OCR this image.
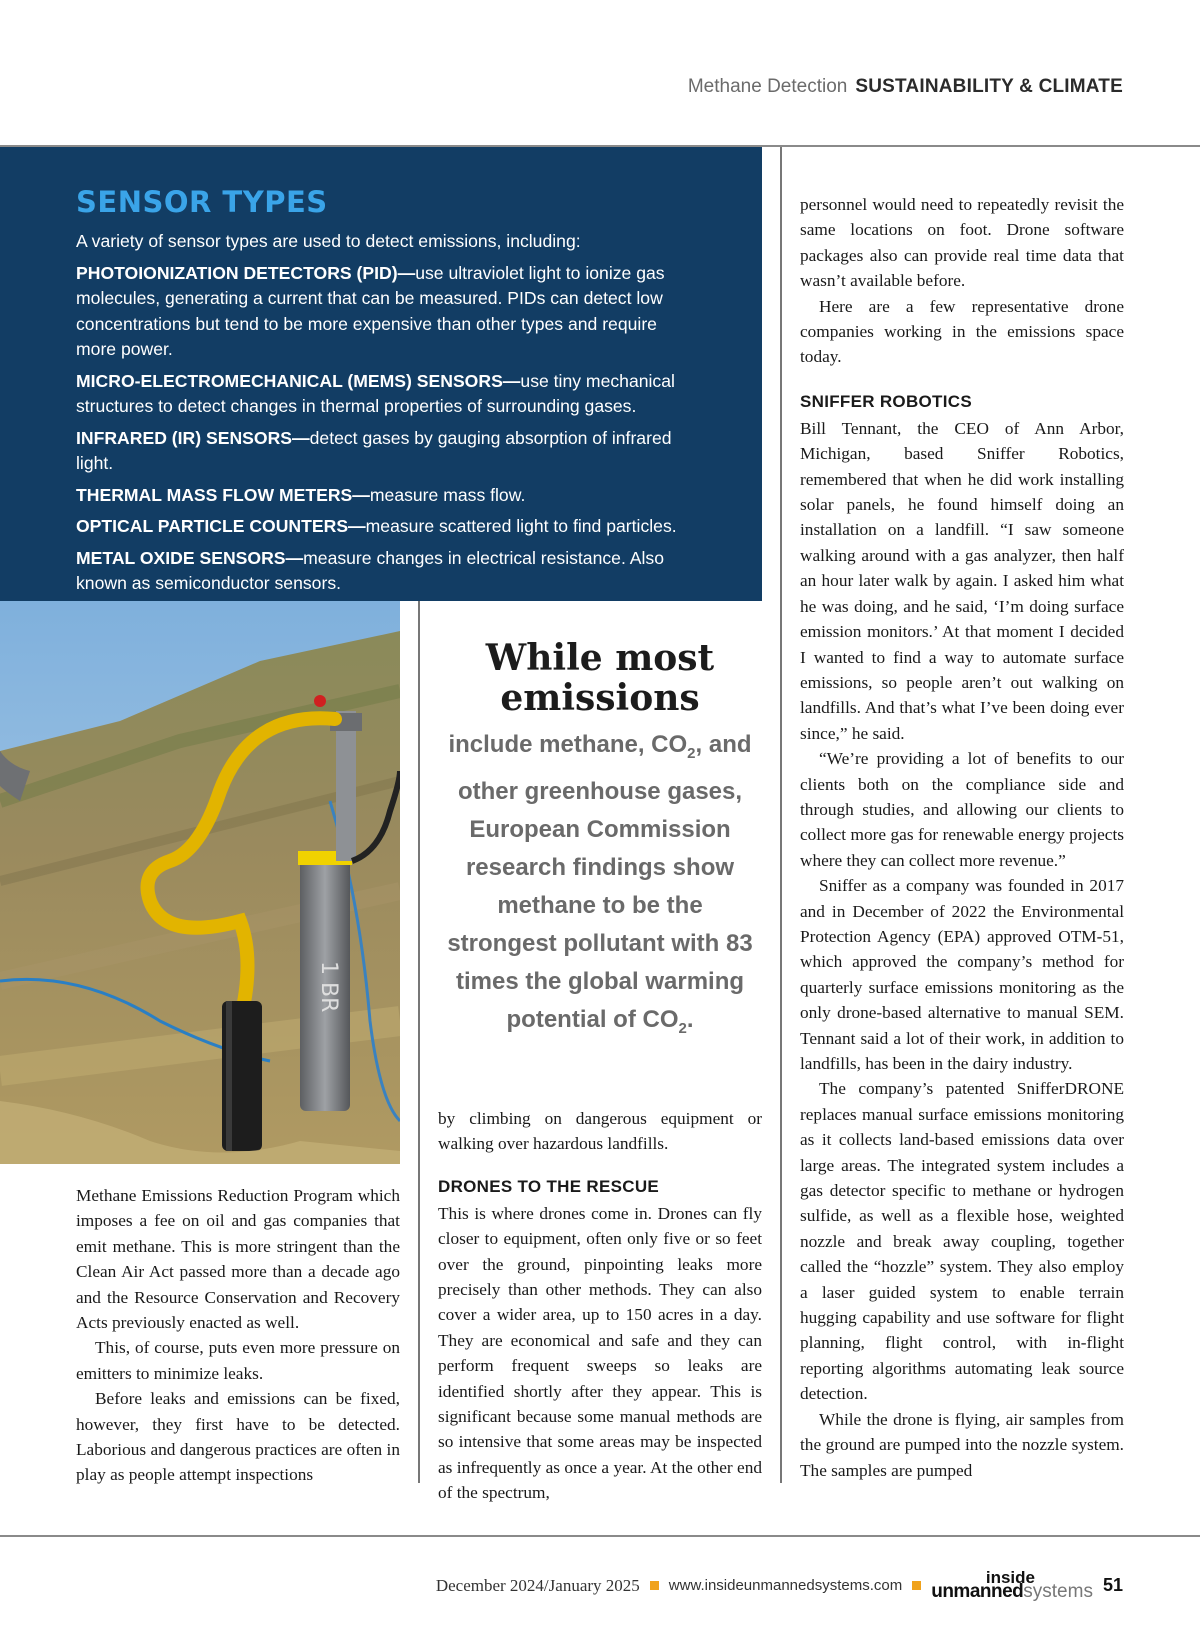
Methane Detection SUSTAINABILITY & CLIMATE
SENSOR TYPES

A variety of sensor types are used to detect emissions, including:

PHOTOIONIZATION DETECTORS (PID)—use ultraviolet light to ionize gas molecules, generating a current that can be measured. PIDs can detect low concentrations but tend to be more expensive than other types and require more power.

MICRO-ELECTROMECHANICAL (MEMS) SENSORS—use tiny mechanical structures to detect changes in thermal properties of surrounding gases.

INFRARED (IR) SENSORS—detect gases by gauging absorption of infrared light.

THERMAL MASS FLOW METERS—measure mass flow.

OPTICAL PARTICLE COUNTERS—measure scattered light to find particles.

METAL OXIDE SENSORS—measure changes in electrical resistance. Also known as semiconductor sensors.

1 BR
While most emissions
include methane, $CO_2$, and other greenhouse gases, European Commission research findings show methane to be the strongest pollutant with 83 times the global warming potential of $CO_2$.

Methane Emissions Reduction Program which imposes a fee on oil and gas companies that emit methane. This is more stringent than the Clean Air Act passed more than a decade ago and the Resource Conservation and Recovery Acts previously enacted as well.

This, of course, puts even more pressure on emitters to minimize leaks.

Before leaks and emissions can be fixed, however, they first have to be detected. Laborious and dangerous practices are often in play as people attempt inspections

by climbing on dangerous equipment or walking over hazardous landfills.

DRONES TO THE RESCUE

This is where drones come in. Drones can fly closer to equipment, often only five or so feet over the ground, pinpointing leaks more precisely than other methods. They can also cover a wider area, up to 150 acres in a day. They are economical and safe and they can perform frequent sweeps so leaks are identified shortly after they appear. This is significant because some manual methods are so intensive that some areas may be inspected as infrequently as once a year. At the other end of the spectrum,

personnel would need to repeatedly revisit the same locations on foot. Drone software packages also can provide real time data that wasn’t available before.

Here are a few representative drone companies working in the emissions space today.

SNIFFER ROBOTICS

Bill Tennant, the CEO of Ann Arbor, Michigan, based Sniffer Robotics, remembered that when he did work installing solar panels, he found himself doing an installation on a landfill. “I saw someone walking around with a gas analyzer, then half an hour later walk by again. I asked him what he was doing, and he said, ‘I’m doing surface emission monitors.’ At that moment I decided I wanted to find a way to automate surface emissions, so people aren’t out walking on landfills. And that’s what I’ve been doing ever since,” he said.

“We’re providing a lot of benefits to our clients both on the compliance side and through studies, and allowing our clients to collect more gas for renewable energy projects where they can collect more revenue.”

Sniffer as a company was founded in 2017 and in December of 2022 the Environmental Protection Agency (EPA) approved OTM-51, which approved the company’s method for quarterly surface emissions monitoring as the only drone-based alternative to manual SEM. Tennant said a lot of their work, in addition to landfills, has been in the dairy industry.

The company’s patented SnifferDRONE replaces manual surface emissions monitoring as it collects land-based emissions data over large areas. The integrated system includes a gas detector specific to methane or hydrogen sulfide, as well as a flexible hose, weighted nozzle and break away coupling, together called the “hozzle” system. They also employ a laser guided system to enable terrain hugging capability and use software for flight planning, flight control, with in-flight reporting algorithms automating leak source detection.

While the drone is flying, air samples from the ground are pumped into the nozzle system. The samples are pumped

December 2024/January 2025 www.insideunmannedsystems.com	inside
unmannedsystems 51
